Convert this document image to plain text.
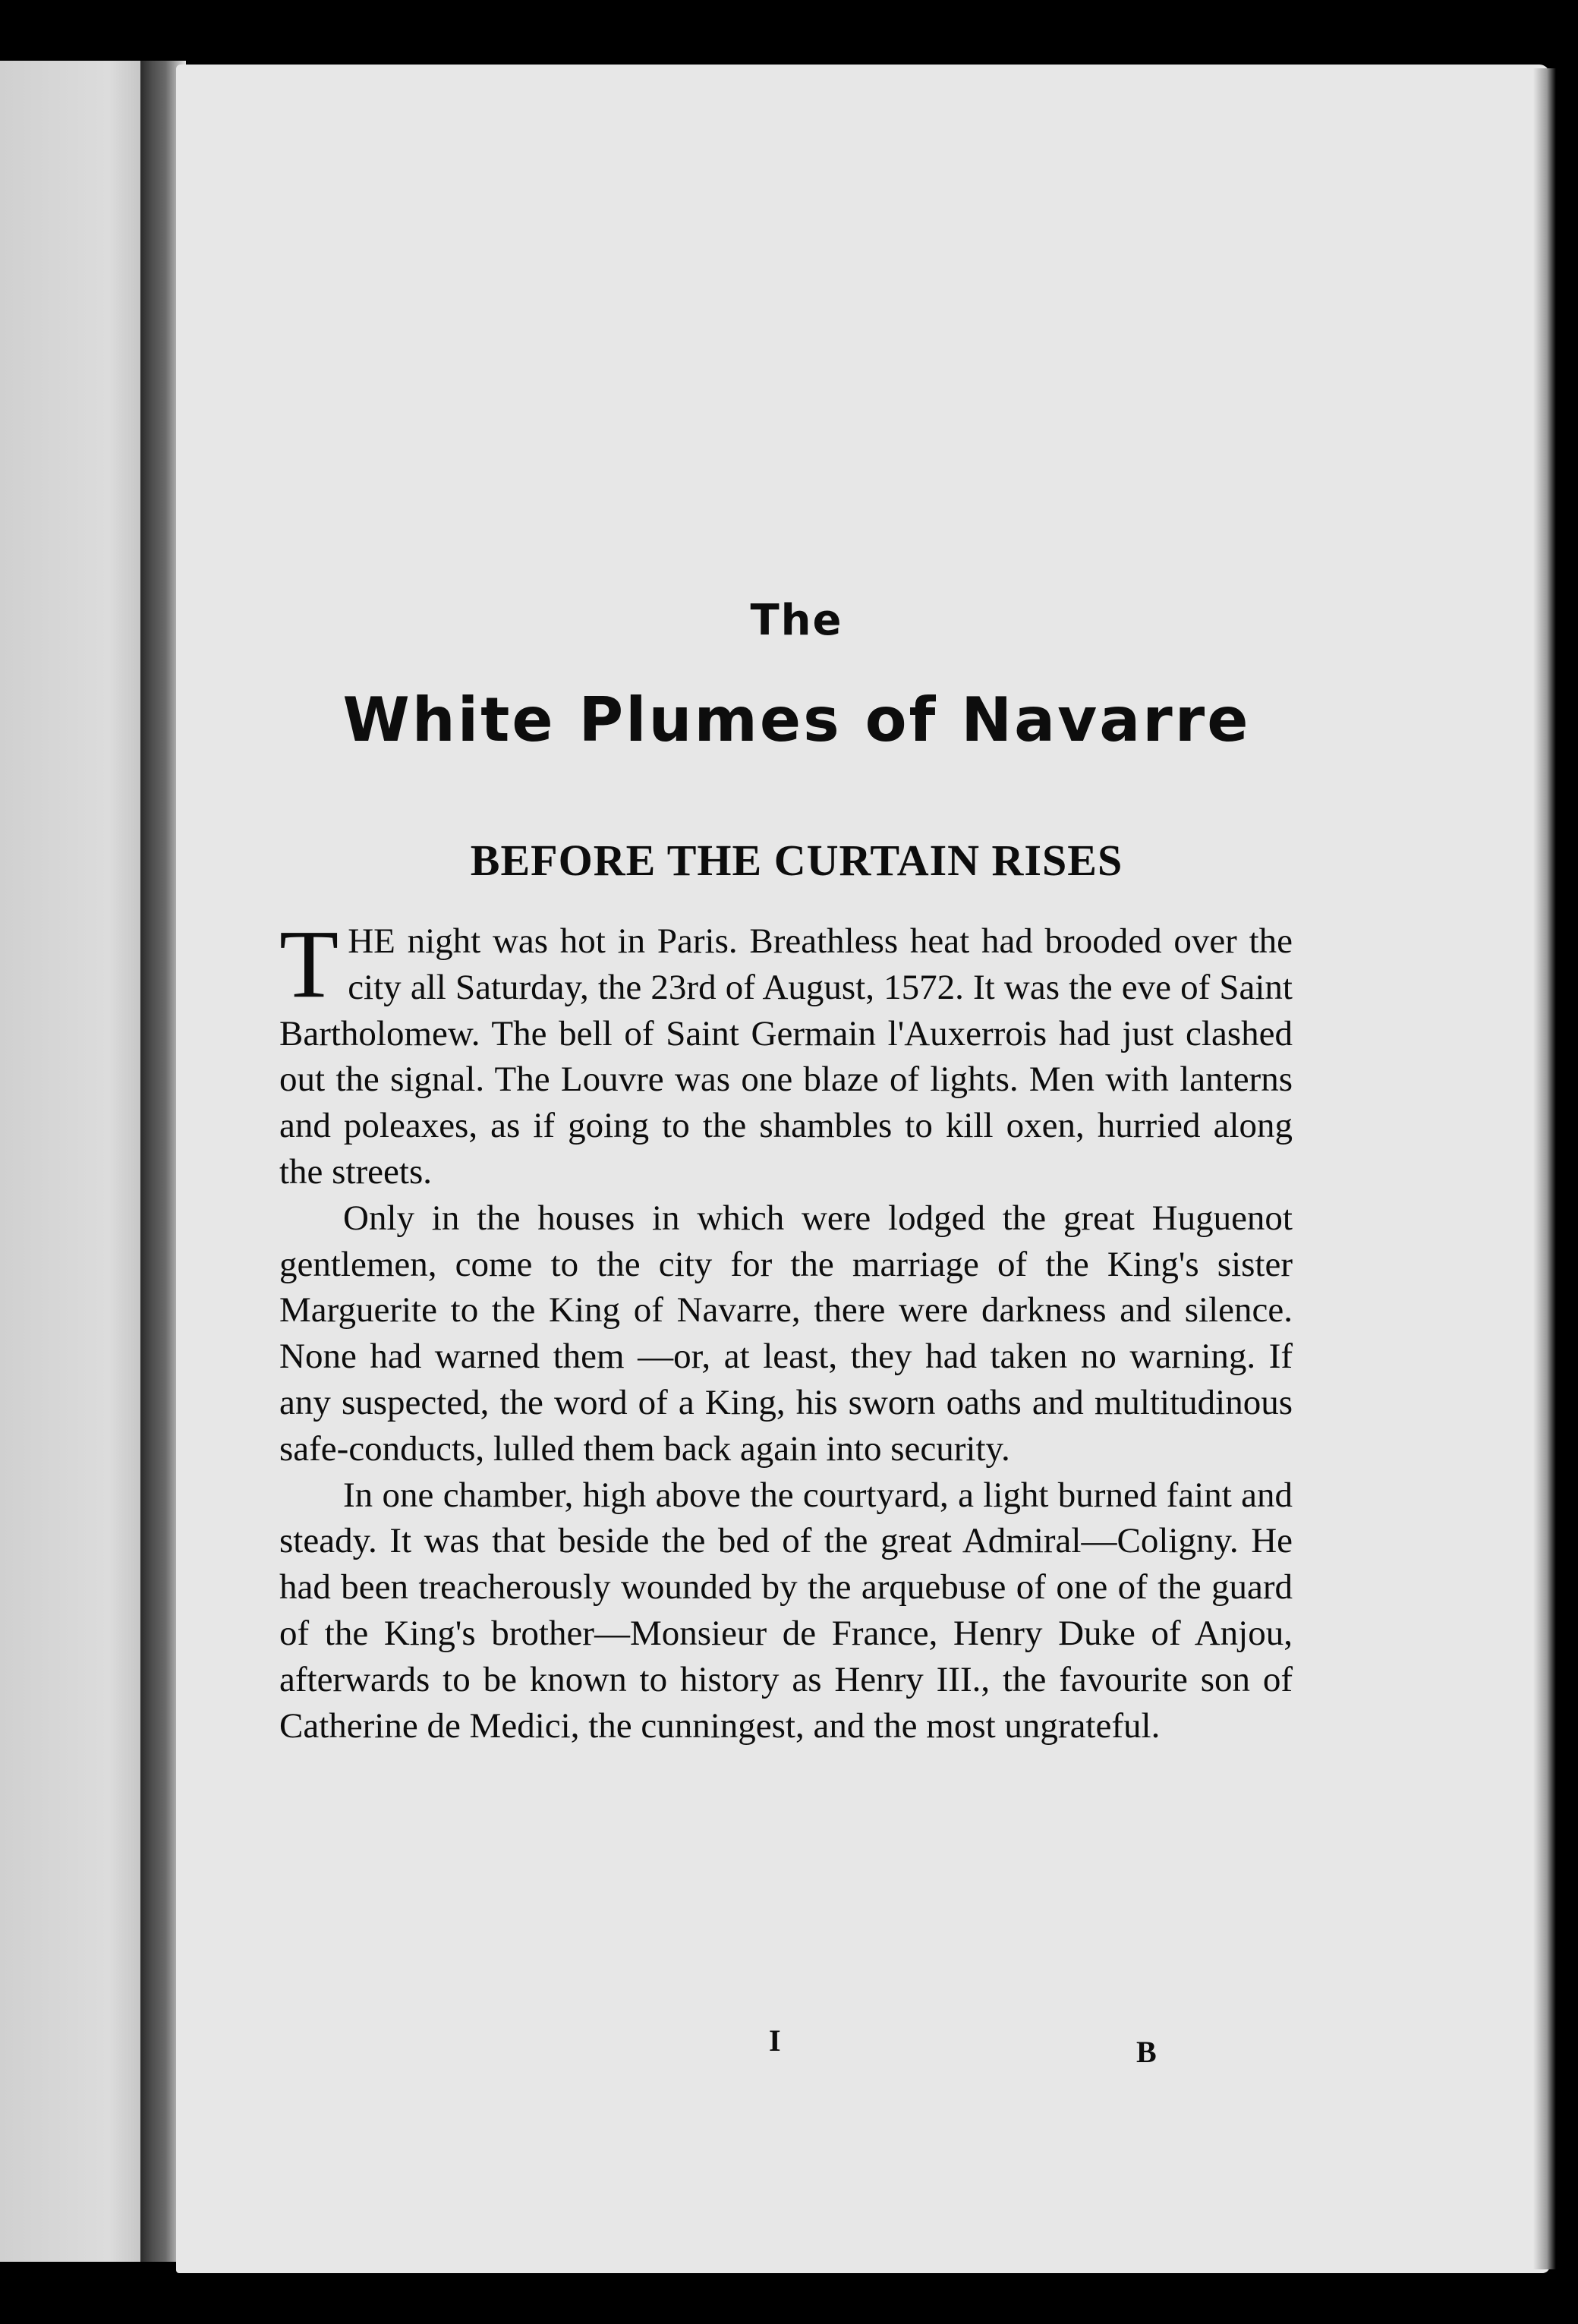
The
White Plumes of Navarre
BEFORE THE CURTAIN RISES

THE night was hot in Paris. Breathless heat had brooded over the city all Saturday, the 23rd of August, 1572. It was the eve of Saint Bartholomew. The bell of Saint Germain l'Auxerrois had just clashed out the signal. The Louvre was one blaze of lights. Men with lanterns and poleaxes, as if going to the shambles to kill oxen, hurried along the streets.

Only in the houses in which were lodged the great Huguenot gentlemen, come to the city for the marriage of the King's sister Marguerite to the King of Navarre, there were darkness and silence. None had warned them —or, at least, they had taken no warning. If any suspected, the word of a King, his sworn oaths and multitudinous safe-conducts, lulled them back again into security.

In one chamber, high above the courtyard, a light burned faint and steady. It was that beside the bed of the great Admiral—Coligny. He had been treacherously wounded by the arquebuse of one of the guard of the King's brother—Monsieur de France, Henry Duke of Anjou, afterwards to be known to history as Henry III., the favourite son of Catherine de Medici, the cunningest, and the most ungrateful.

I	B
